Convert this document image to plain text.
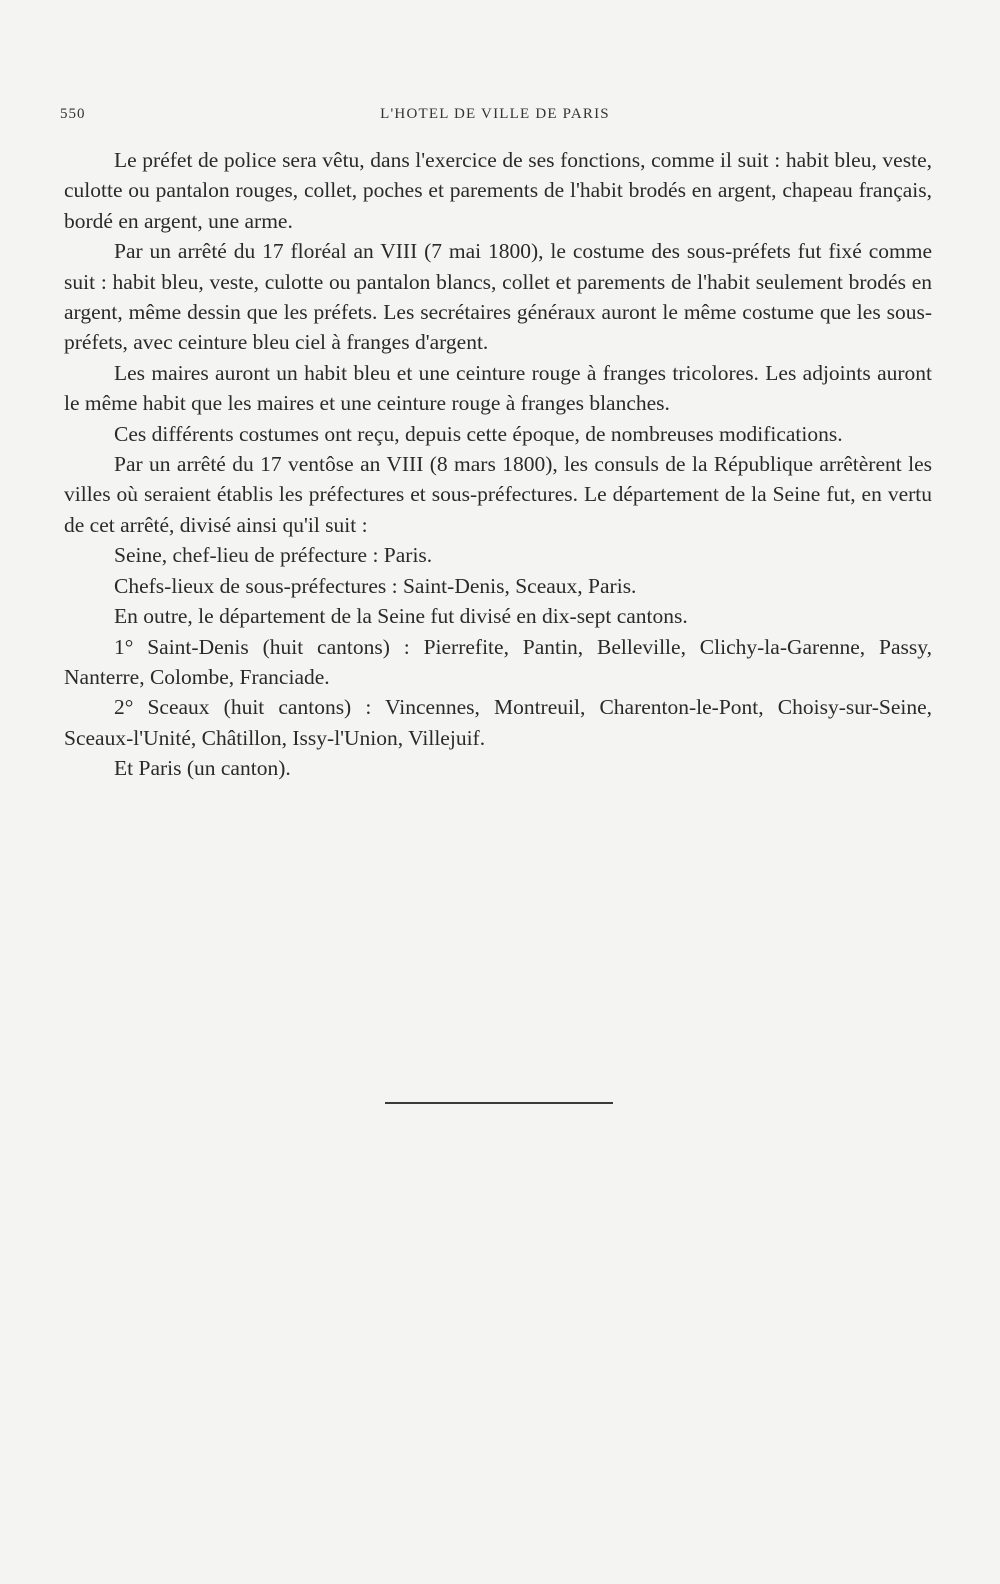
550	L'HOTEL DE VILLE DE PARIS

Le préfet de police sera vêtu, dans l'exercice de ses fonctions, comme il suit : habit bleu, veste, culotte ou pantalon rouges, collet, poches et parements de l'habit brodés en argent, chapeau français, bordé en argent, une arme.

Par un arrêté du 17 floréal an VIII (7 mai 1800), le costume des sous-préfets fut fixé comme suit : habit bleu, veste, culotte ou pantalon blancs, collet et parements de l'habit seulement brodés en argent, même dessin que les préfets. Les secrétaires généraux auront le même costume que les sous-préfets, avec ceinture bleu ciel à franges d'argent.

Les maires auront un habit bleu et une ceinture rouge à franges tricolores. Les adjoints auront le même habit que les maires et une ceinture rouge à franges blanches.

Ces différents costumes ont reçu, depuis cette époque, de nombreuses modifications.

Par un arrêté du 17 ventôse an VIII (8 mars 1800), les consuls de la République arrêtèrent les villes où seraient établis les préfectures et sous-préfectures. Le département de la Seine fut, en vertu de cet arrêté, divisé ainsi qu'il suit :

Seine, chef-lieu de préfecture : Paris.

Chefs-lieux de sous-préfectures : Saint-Denis, Sceaux, Paris.

En outre, le département de la Seine fut divisé en dix-sept cantons.

1° Saint-Denis (huit cantons) : Pierrefite, Pantin, Belleville, Clichy-la-Garenne, Passy, Nanterre, Colombe, Franciade.

2° Sceaux (huit cantons) : Vincennes, Montreuil, Charenton-le-Pont, Choisy-sur-Seine, Sceaux-l'Unité, Châtillon, Issy-l'Union, Villejuif.

Et Paris (un canton).
